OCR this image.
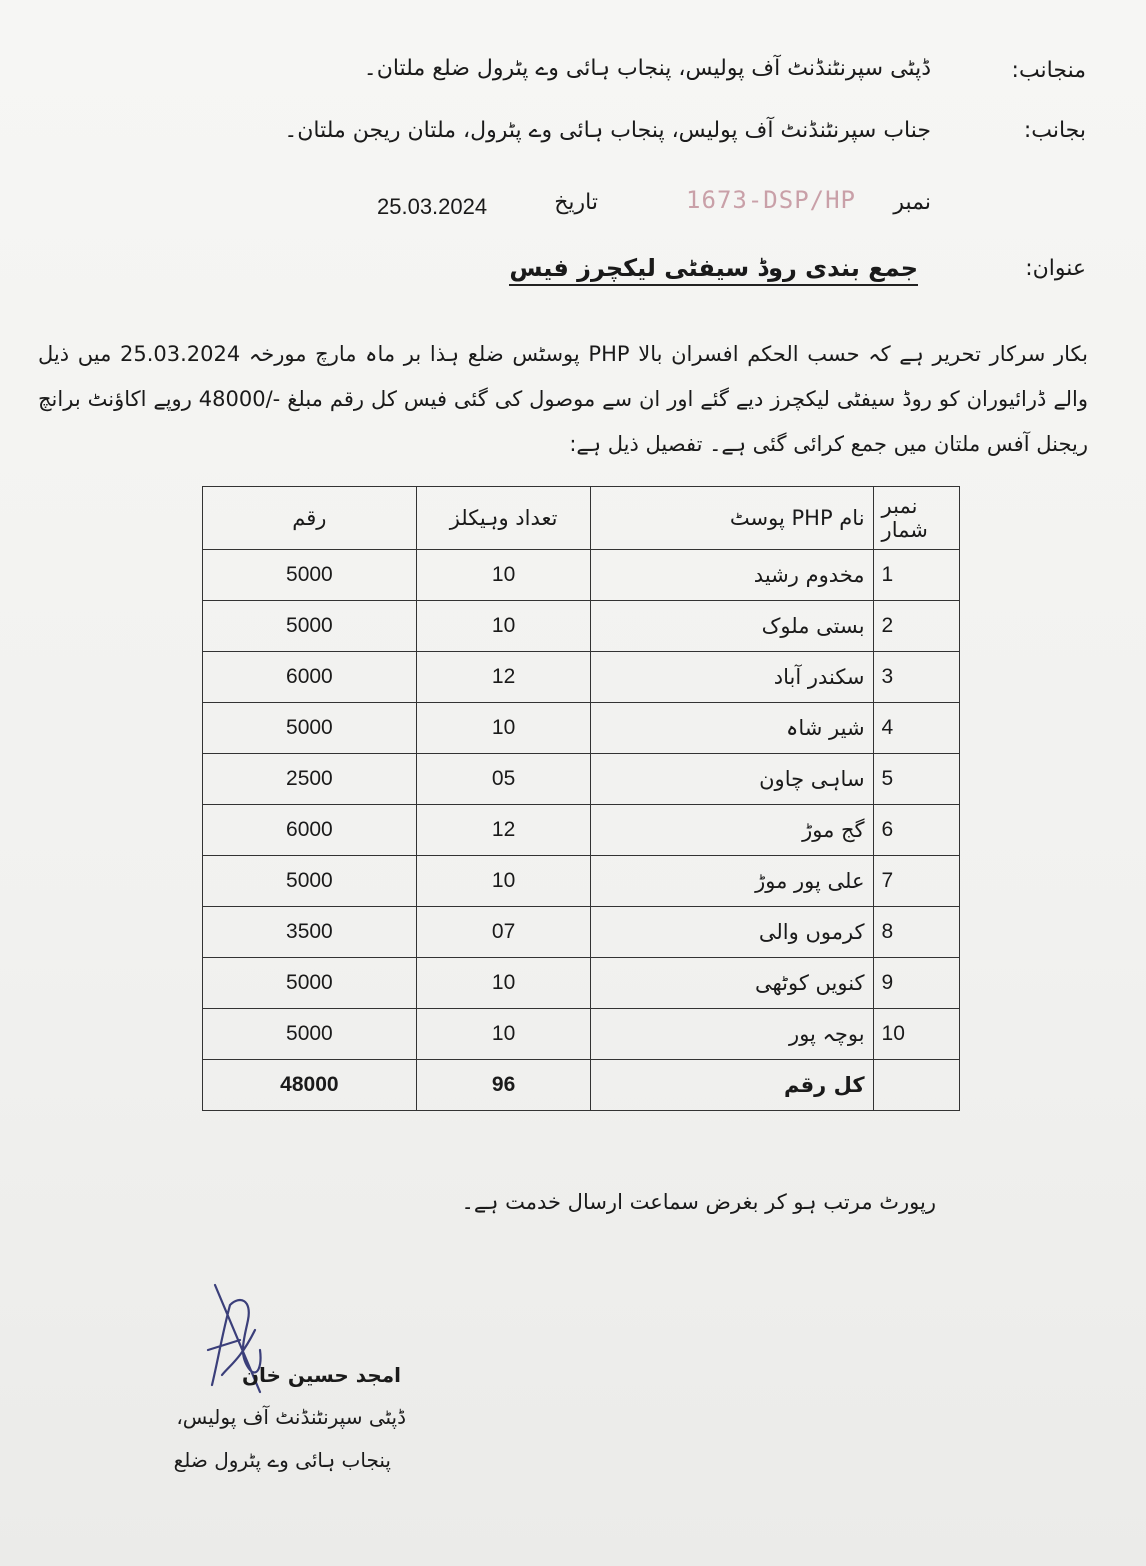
منجانب:
ڈپٹی سپرنٹنڈنٹ آف پولیس، پنجاب ہائی وے پٹرول ضلع ملتان۔
بجانب:
جناب سپرنٹنڈنٹ آف پولیس، پنجاب ہائی وے پٹرول، ملتان ریجن ملتان۔
نمبر
1673-DSP/HP
تاریخ
25.03.2024
عنوان:
جمع بندی روڈ سیفٹی لیکچرز فیس
بکار سرکار تحریر ہے کہ حسب الحکم افسران بالا PHP پوسٹس ضلع ہذا بر ماہ مارچ مورخہ 25.03.2024 میں ذیل والے ڈرائیوران کو روڈ سیفٹی لیکچرز دیے گئے اور ان سے موصول کی گئی فیس کل رقم مبلغ -/48000 روپے اکاؤنٹ برانچ ریجنل آفس ملتان میں جمع کرائی گئی ہے۔ تفصیل ذیل ہے:
نمبر شمار	نام PHP پوسٹ	تعداد وہیکلز	رقم
1	مخدوم رشید	10	5000
2	بستی ملوک	10	5000
3	سکندر آباد	12	6000
4	شیر شاہ	10	5000
5	ساہی چاون	05	2500
6	گج موڑ	12	6000
7	علی پور موڑ	10	5000
8	کرموں والی	07	3500
9	کنویں کوٹھی	10	5000
10	بوچہ پور	10	5000
	کل رقم	96	48000
رپورٹ مرتب ہو کر بغرض سماعت ارسال خدمت ہے۔
امجد حسین خان
ڈپٹی سپرنٹنڈنٹ آف پولیس،
پنجاب ہائی وے پٹرول ضلع
